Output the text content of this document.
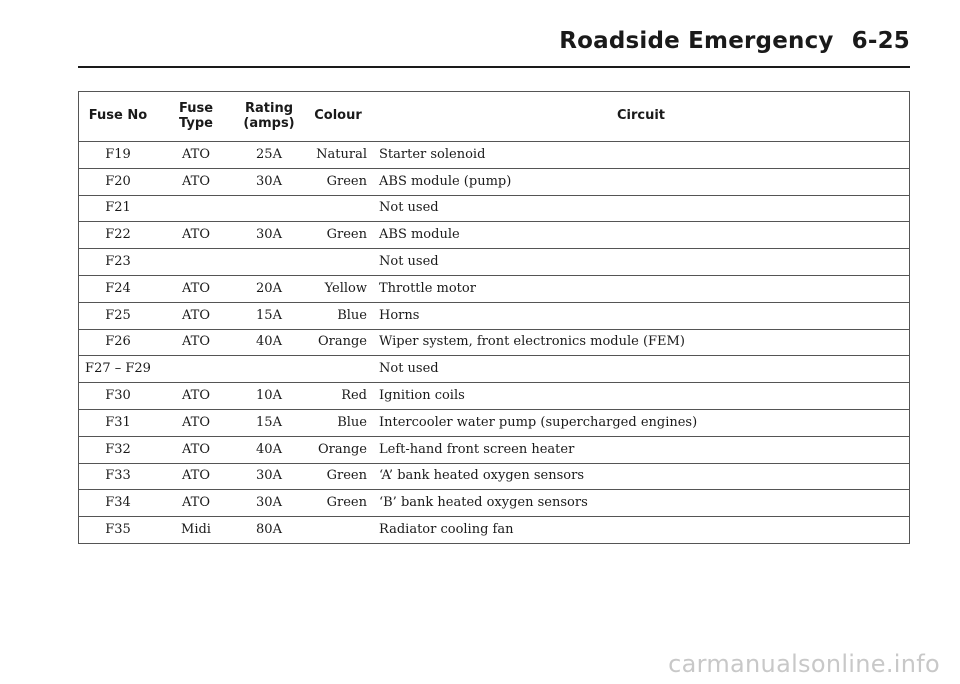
Roadside Emergency 6-25
Fuse No	Fuse Type	Rating (amps)	Colour	Circuit
F19	ATO	25A	Natural	Starter solenoid
F20	ATO	30A	Green	ABS module (pump)
F21				Not used
F22	ATO	30A	Green	ABS module
F23				Not used
F24	ATO	20A	Yellow	Throttle motor
F25	ATO	15A	Blue	Horns
F26	ATO	40A	Orange	Wiper system, front electronics module (FEM)
F27 – F29				Not used
F30	ATO	10A	Red	Ignition coils
F31	ATO	15A	Blue	Intercooler water pump (supercharged engines)
F32	ATO	40A	Orange	Left-hand front screen heater
F33	ATO	30A	Green	‘A’ bank heated oxygen sensors
F34	ATO	30A	Green	‘B’ bank heated oxygen sensors
F35	Midi	80A		Radiator cooling fan
carmanualsonline.info
